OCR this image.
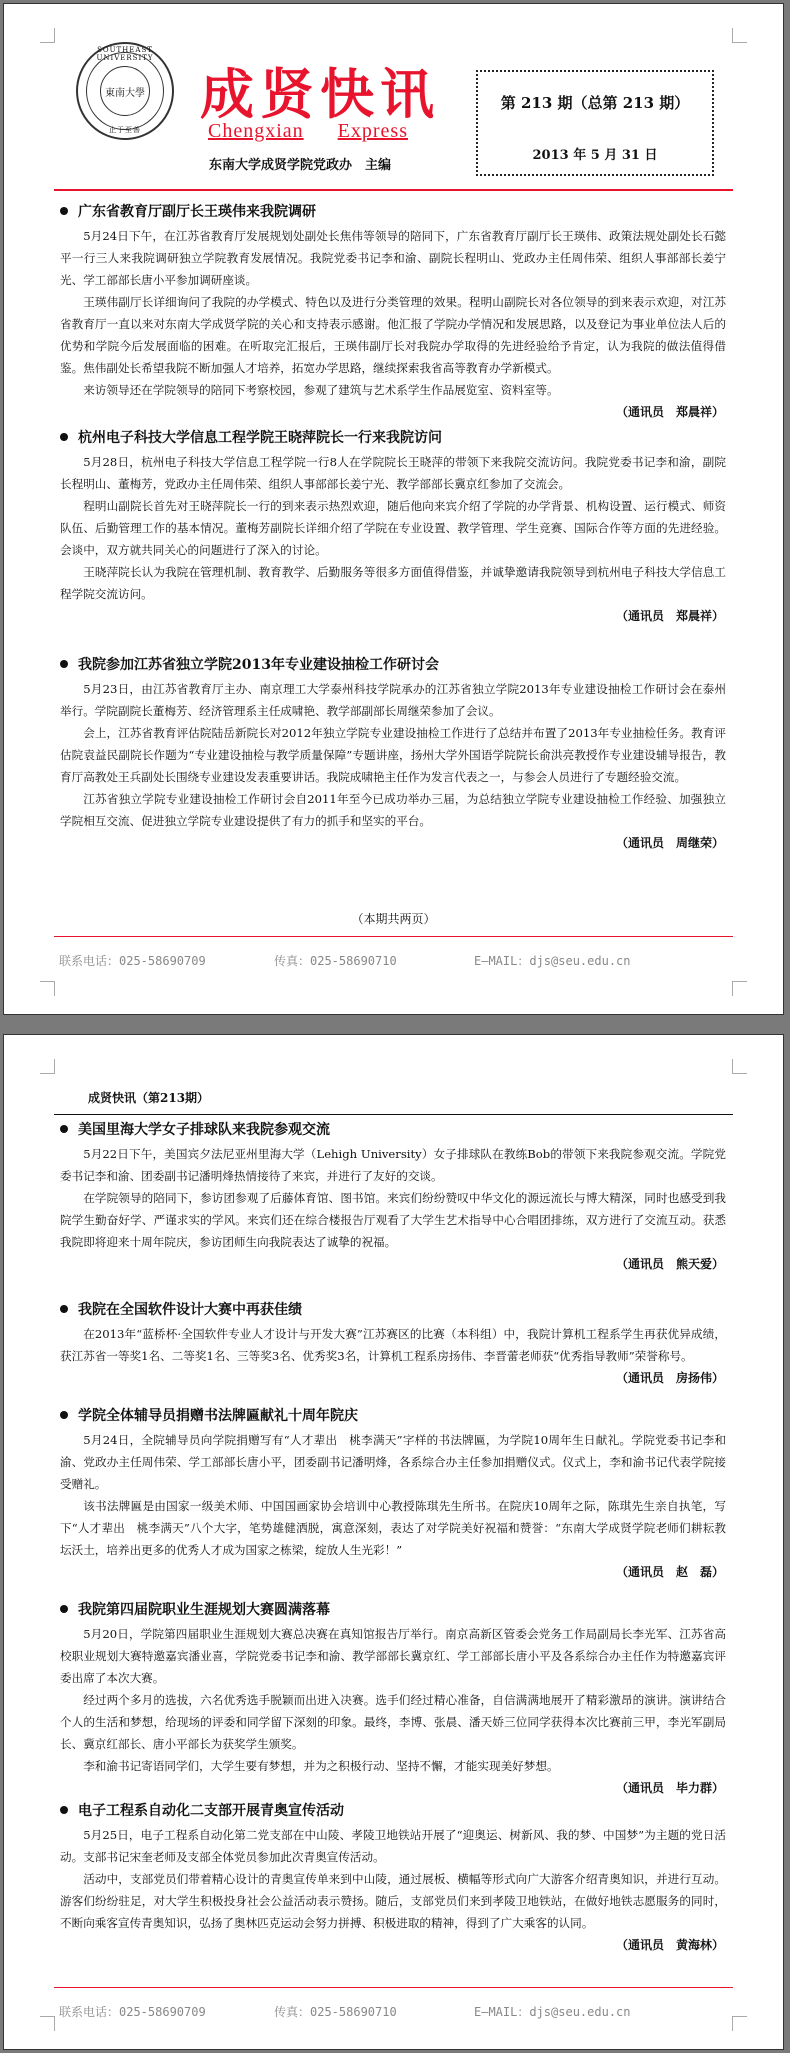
SOUTHEAST UNIVERSITY
止于至善
東南大學 成贤快讯
Chengxian Express
东南大学成贤学院党政办　主编
第 213 期（总第 213 期）
2013 年 5 月 31 日
广东省教育厅副厅长王瑛伟来我院调研

5月24日下午，在江苏省教育厅发展规划处副处长焦伟等领导的陪同下，广东省教育厅副厅长王瑛伟、政策法规处副处长石懿平一行三人来我院调研独立学院教育发展情况。我院党委书记李和渝、副院长程明山、党政办主任周伟荣、组织人事部部长姜宁光、学工部部长唐小平参加调研座谈。

王瑛伟副厅长详细询问了我院的办学模式、特色以及进行分类管理的效果。程明山副院长对各位领导的到来表示欢迎，对江苏省教育厅一直以来对东南大学成贤学院的关心和支持表示感谢。他汇报了学院办学情况和发展思路，以及登记为事业单位法人后的优势和学院今后发展面临的困难。在听取完汇报后，王瑛伟副厅长对我院办学取得的先进经验给予肯定，认为我院的做法值得借鉴。焦伟副处长希望我院不断加强人才培养，拓宽办学思路，继续探索我省高等教育办学新模式。

来访领导还在学院领导的陪同下考察校园，参观了建筑与艺术系学生作品展览室、资料室等。

（通讯员　郑晨祥）
杭州电子科技大学信息工程学院王晓萍院长一行来我院访问

5月28日，杭州电子科技大学信息工程学院一行8人在学院院长王晓萍的带领下来我院交流访问。我院党委书记李和渝，副院长程明山、董梅芳，党政办主任周伟荣、组织人事部部长姜宁光、教学部部长冀京红参加了交流会。

程明山副院长首先对王晓萍院长一行的到来表示热烈欢迎，随后他向来宾介绍了学院的办学背景、机构设置、运行模式、师资队伍、后勤管理工作的基本情况。董梅芳副院长详细介绍了学院在专业设置、教学管理、学生竞赛、国际合作等方面的先进经验。会谈中，双方就共同关心的问题进行了深入的讨论。

王晓萍院长认为我院在管理机制、教育教学、后勤服务等很多方面值得借鉴，并诚挚邀请我院领导到杭州电子科技大学信息工程学院交流访问。

（通讯员　郑晨祥）
我院参加江苏省独立学院2013年专业建设抽检工作研讨会

5月23日，由江苏省教育厅主办、南京理工大学泰州科技学院承办的江苏省独立学院2013年专业建设抽检工作研讨会在泰州举行。学院副院长董梅芳、经济管理系主任成啸艳、教学部副部长周继荣参加了会议。

会上，江苏省教育评估院陆岳新院长对2012年独立学院专业建设抽检工作进行了总结并布置了2013年专业抽检任务。教育评估院袁益民副院长作题为“专业建设抽检与教学质量保障”专题讲座，扬州大学外国语学院院长俞洪亮教授作专业建设辅导报告，教育厅高教处王兵副处长围绕专业建设发表重要讲话。我院成啸艳主任作为发言代表之一，与参会人员进行了专题经验交流。

江苏省独立学院专业建设抽检工作研讨会自2011年至今已成功举办三届，为总结独立学院专业建设抽检工作经验、加强独立学院相互交流、促进独立学院专业建设提供了有力的抓手和坚实的平台。

（通讯员　周继荣）
（本期共两页）
联系电话：025-58690709	传真：025-58690710	E—MAIL：djs@seu.edu.cn
成贤快讯（第213期）
美国里海大学女子排球队来我院参观交流

5月22日下午，美国宾夕法尼亚州里海大学（Lehigh University）女子排球队在教练Bob的带领下来我院参观交流。学院党委书记李和渝、团委副书记潘明烽热情接待了来宾，并进行了友好的交谈。

在学院领导的陪同下，参访团参观了后藤体育馆、图书馆。来宾们纷纷赞叹中华文化的源远流长与博大精深，同时也感受到我院学生勤奋好学、严谨求实的学风。来宾们还在综合楼报告厅观看了大学生艺术指导中心合唱团排练，双方进行了交流互动。获悉我院即将迎来十周年院庆，参访团师生向我院表达了诚挚的祝福。

（通讯员　熊天爱）
我院在全国软件设计大赛中再获佳绩

在2013年“蓝桥杯·全国软件专业人才设计与开发大赛”江苏赛区的比赛（本科组）中，我院计算机工程系学生再获优异成绩，获江苏省一等奖1名、二等奖1名、三等奖3名、优秀奖3名，计算机工程系房扬伟、李晋蕾老师获“优秀指导教师”荣誉称号。

（通讯员　房扬伟）
学院全体辅导员捐赠书法牌匾献礼十周年院庆

5月24日，全院辅导员向学院捐赠写有“人才辈出　桃李满天”字样的书法牌匾，为学院10周年生日献礼。学院党委书记李和渝、党政办主任周伟荣、学工部部长唐小平，团委副书记潘明烽，各系综合办主任参加捐赠仪式。仪式上，李和渝书记代表学院接受赠礼。

该书法牌匾是由国家一级美术师、中国国画家协会培训中心教授陈琪先生所书。在院庆10周年之际，陈琪先生亲自执笔，写下“人才辈出　桃李满天”八个大字，笔势雄健洒脱，寓意深刻，表达了对学院美好祝福和赞誉：“东南大学成贤学院老师们耕耘教坛沃土，培养出更多的优秀人才成为国家之栋梁，绽放人生光彩！”

（通讯员　赵　磊）
我院第四届院职业生涯规划大赛圆满落幕

5月20日，学院第四届职业生涯规划大赛总决赛在真知馆报告厅举行。南京高新区管委会党务工作局副局长李光军、江苏省高校职业规划大赛特邀嘉宾潘业喜，学院党委书记李和渝、教学部部长冀京红、学工部部长唐小平及各系综合办主任作为特邀嘉宾评委出席了本次大赛。

经过两个多月的选拔，六名优秀选手脱颖而出进入决赛。选手们经过精心准备，自信满满地展开了精彩激昂的演讲。演讲结合个人的生活和梦想，给现场的评委和同学留下深刻的印象。最终，李博、张晨、潘天娇三位同学获得本次比赛前三甲，李光军副局长、冀京红部长、唐小平部长为获奖学生颁奖。

李和渝书记寄语同学们，大学生要有梦想，并为之积极行动、坚持不懈，才能实现美好梦想。

（通讯员　毕力群）
电子工程系自动化二支部开展青奥宣传活动

5月25日，电子工程系自动化第二党支部在中山陵、孝陵卫地铁站开展了“迎奥运、树新风、我的梦、中国梦”为主题的党日活动。支部书记宋奎老师及支部全体党员参加此次青奥宣传活动。

活动中，支部党员们带着精心设计的青奥宣传单来到中山陵，通过展板、横幅等形式向广大游客介绍青奥知识，并进行互动。游客们纷纷驻足，对大学生积极投身社会公益活动表示赞扬。随后，支部党员们来到孝陵卫地铁站，在做好地铁志愿服务的同时，不断向乘客宣传青奥知识，弘扬了奥林匹克运动会努力拼搏、积极进取的精神，得到了广大乘客的认同。

（通讯员　黄海林）
联系电话：025-58690709	传真：025-58690710	E—MAIL：djs@seu.edu.cn
